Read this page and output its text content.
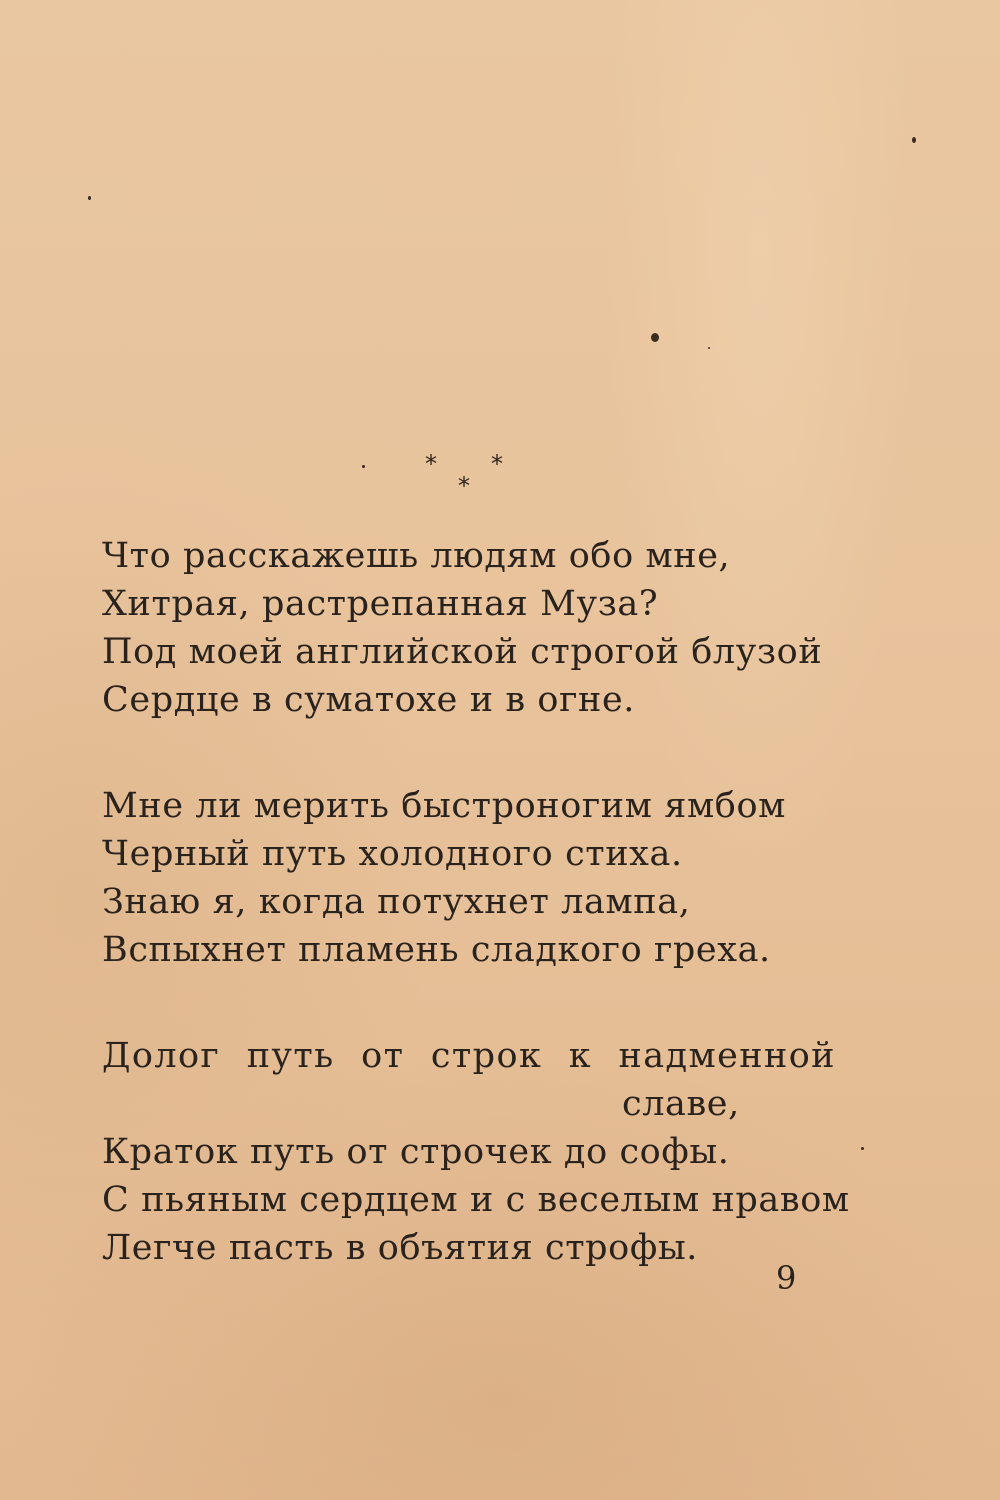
* *
*
Что расскажешь людям обо мне,
Хитрая, растрепанная Муза?
Под моей английской строгой блузой
Сердце в суматохе и в огне.
Мне ли мерить быстроногим ямбом
Черный путь холодного стиха.
Знаю я, когда потухнет лампа,
Вспыхнет пламень сладкого греха.
Долог путь от строк к надменной
славе,
Краток путь от строчек до софы.
С пьяным сердцем и с веселым нравом
Легче пасть в объятия строфы.
9
